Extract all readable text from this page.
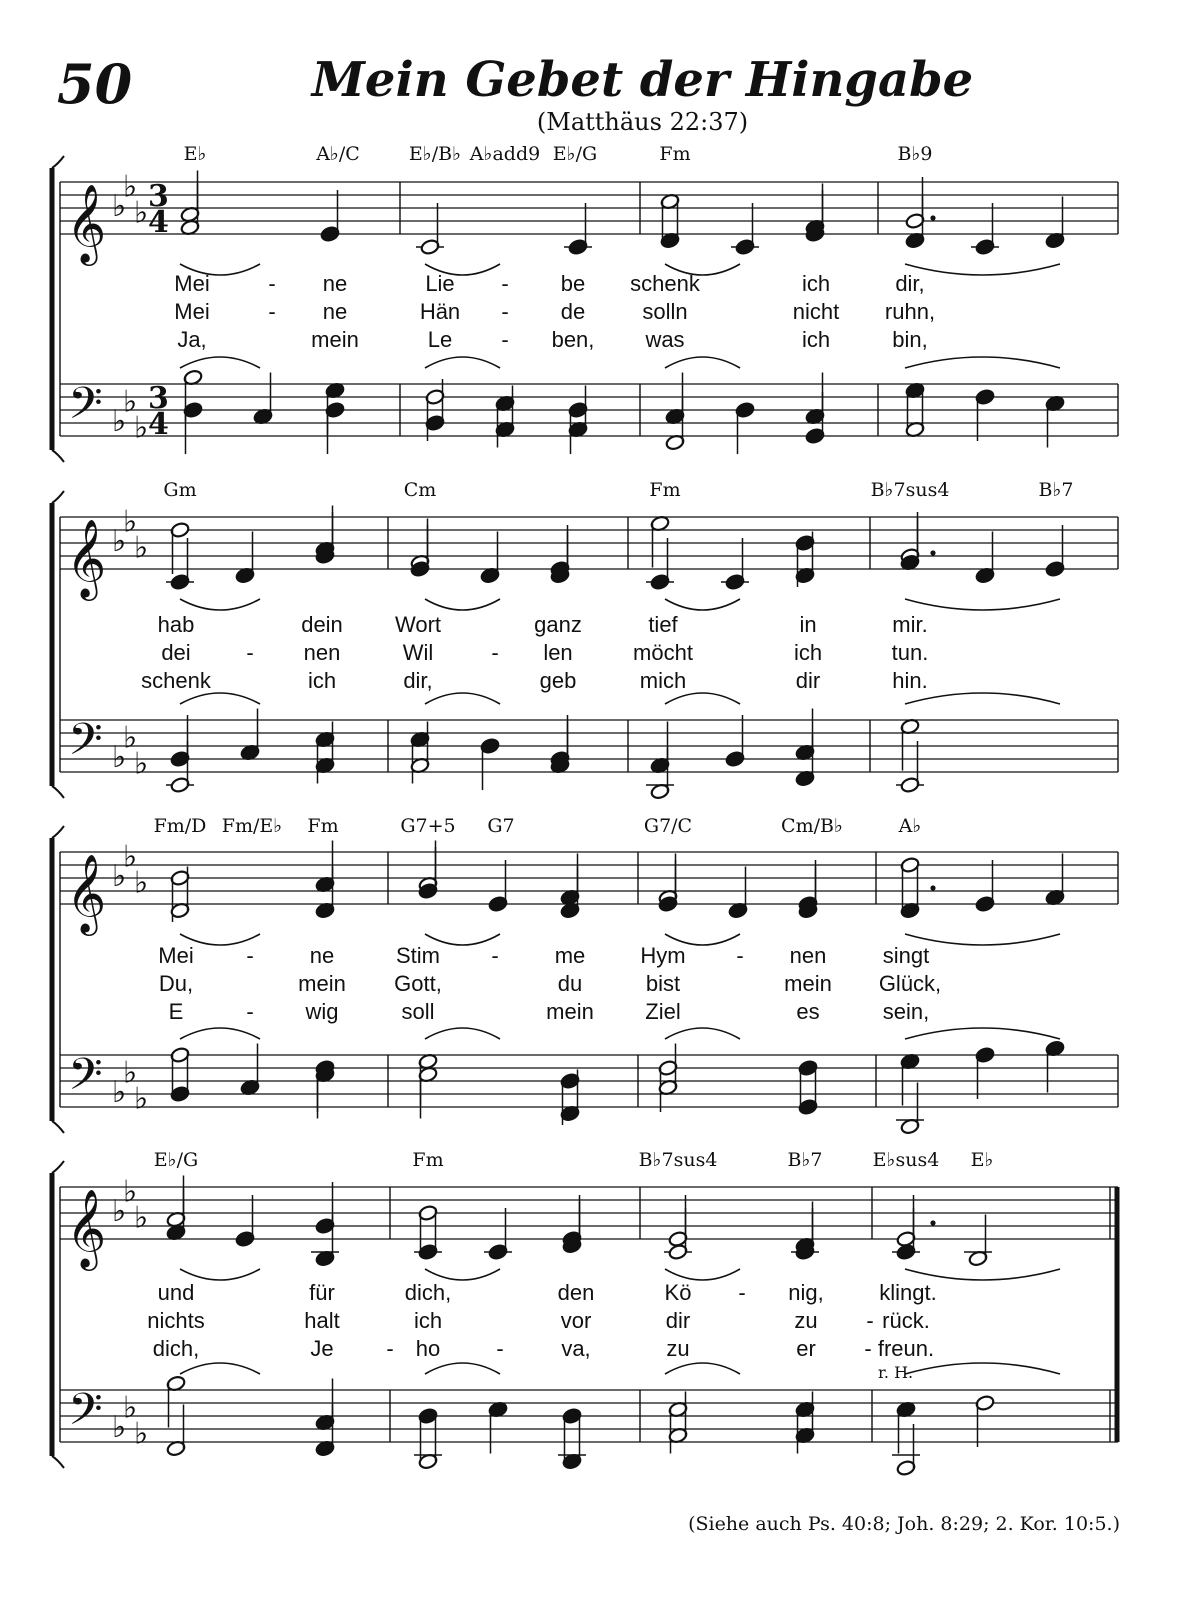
50	Mein Gebet der Hingabe
(Matthäus 22:37)
(Siehe auch Ps. 40:8; Joh. 8:29; 2. Kor. 10:5.)
𝄞
𝄢
♭
♭
♭
♭
♭
♭
3
4
3
4
E♭	A♭/C	E♭/B♭ A♭add9 E♭/G	Fm	B♭9
Mei	- ne	Lie - be schenk	ich	dir,
Mei	- ne	Hän - de	solln	nicht ruhn,
Ja,	mein	Le - ben, was	ich	bin,
𝄞
𝄢
♭
♭
♭
♭
♭
♭
Gm	Cm	Fm	B♭7sus4	B♭7
hab	dein Wort	ganz	tief	in	mir.
dei	- nen	Wil	- len	möcht	ich	tun.
schenk	ich	dir,	geb	mich	dir	hin.
𝄞
𝄢
♭
♭
♭
♭
♭
♭
Fm/D Fm/E♭ Fm	G7+5 G7	G7/C	Cm/B♭	A♭
Mei -	ne	Stim -	me	Hym - nen	singt
Du,	mein Gott,	du	bist	mein Glück,
E	- wig	soll	mein Ziel	es	sein,
𝄞
𝄢
♭
♭
♭
♭
♭
♭
r. H.
E♭/G	Fm	B♭7sus4	B♭7	E♭sus4 E♭
und	für	dich,	den	Kö - nig,	klingt.
nichts	halt	ich	vor	dir	zu - rück.
dich,	Je - ho	-	va,	zu	er - freun.
